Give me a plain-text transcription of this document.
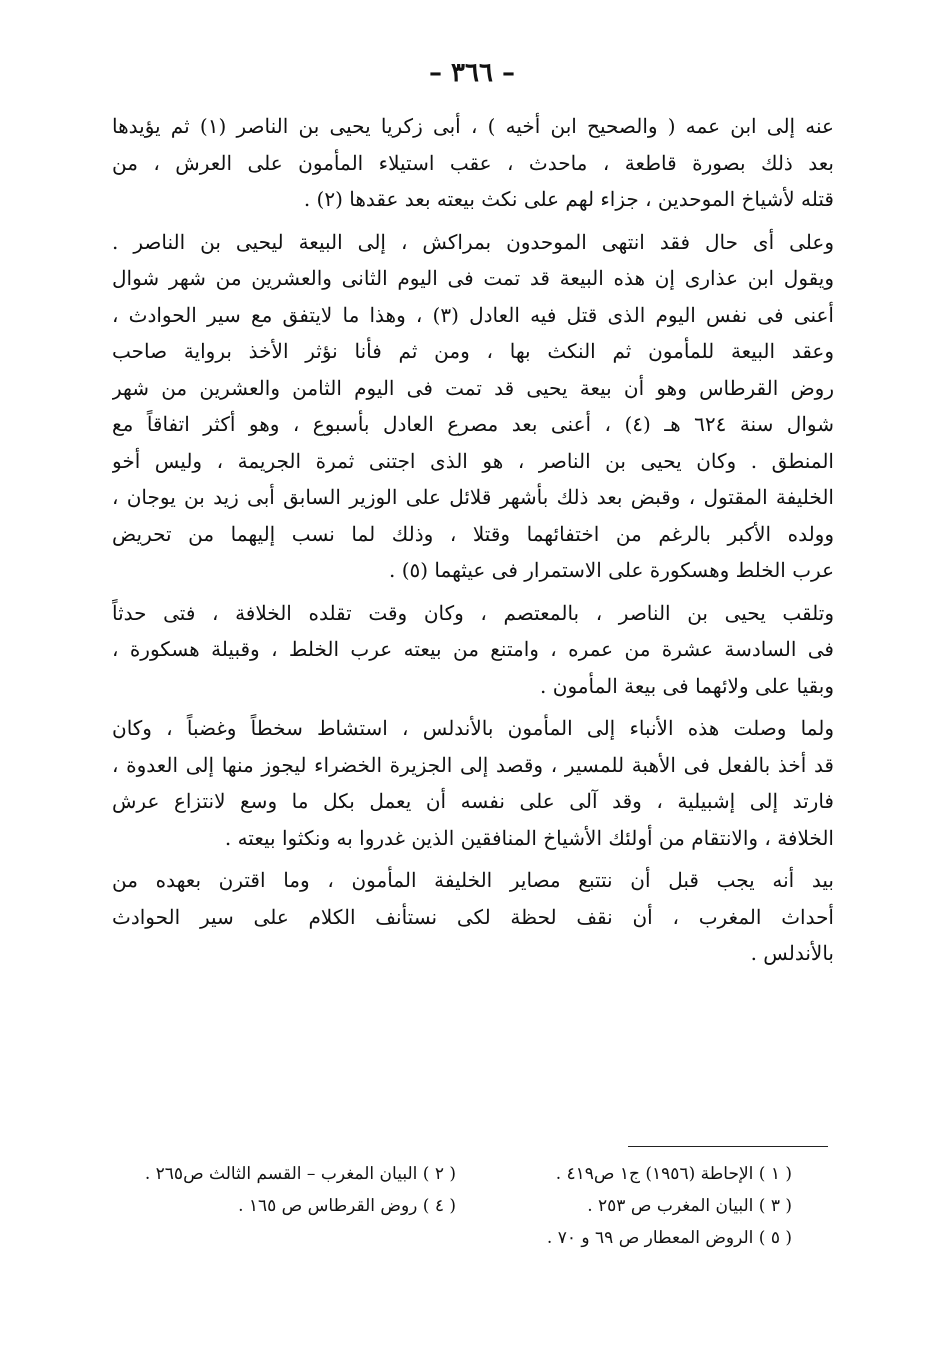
– ٣٦٦ –
عنه إلى ابن عمه ( والصحيح ابن أخيه ) ، أبى زكريا يحيى بن الناصر (١) ثم يؤيدها
بعد ذلك بصورة قاطعة ، ماحدث ، عقب استيلاء المأمون على العرش ، من
قتله لأشياخ الموحدين ، جزاء لهم على نكث بيعته بعد عقدها (٢) .
وعلى أى حال فقد انتهى الموحدون بمراكش ، إلى البيعة ليحيى بن الناصر .
ويقول ابن عذارى إن هذه البيعة قد تمت فى اليوم الثانى والعشرين من شهر شوال
أعنى فى نفس اليوم الذى قتل فيه العادل (٣) ، وهذا ما لايتفق مع سير الحوادث ،
وعقد البيعة للمأمون ثم النكث بها ، ومن ثم فأنا نؤثر الأخذ برواية صاحب
روض القرطاس وهو أن بيعة يحيى قد تمت فى اليوم الثامن والعشرين من شهر
شوال سنة ٦٢٤ هـ (٤) ، أعنى بعد مصرع العادل بأسبوع ، وهو أكثر اتفاقاً مع
المنطق . وكان يحيى بن الناصر ، هو الذى اجتنى ثمرة الجريمة ، وليس أخو
الخليفة المقتول ، وقبض بعد ذلك بأشهر قلائل على الوزير السابق أبى زيد بن يوجان ،
وولده الأكبر بالرغم من اختفائهما وقتلا ، وذلك لما نسب إليهما من تحريض
عرب الخلط وهسكورة على الاستمرار فى عيثهما (٥) .
وتلقب يحيى بن الناصر ، بالمعتصم ، وكان وقت تقلده الخلافة ، فتى حدثاً
فى السادسة عشرة من عمره ، وامتنع من بيعته عرب الخلط ، وقبيلة هسكورة ،
وبقيا على ولائهما فى بيعة المأمون .
ولما وصلت هذه الأنباء إلى المأمون بالأندلس ، استشاط سخطاً وغضباً ، وكان
قد أخذ بالفعل فى الأهبة للمسير ، وقصد إلى الجزيرة الخضراء ليجوز منها إلى العدوة ،
فارتد إلى إشبيلية ، وقد آلى على نفسه أن يعمل بكل ما وسع لانتزاع عرش
الخلافة ، والانتقام من أولئك الأشياخ المنافقين الذين غدروا به ونكثوا بيعته .
بيد أنه يجب قبل أن نتتبع مصاير الخليفة المأمون ، وما اقترن بعهده من
أحداث المغرب ، أن نقف لحظة لكى نستأنف الكلام على سير الحوادث
بالأندلس .
( ١ ) الإحاطة (١٩٥٦) ج١ ص٤١٩ .
( ٢ ) البيان المغرب – القسم الثالث ص٢٦٥ .
( ٣ ) البيان المغرب ص ٢٥٣ .
( ٤ ) روض القرطاس ص ١٦٥ .
( ٥ ) الروض المعطار ص ٦٩ و ٧٠ .
